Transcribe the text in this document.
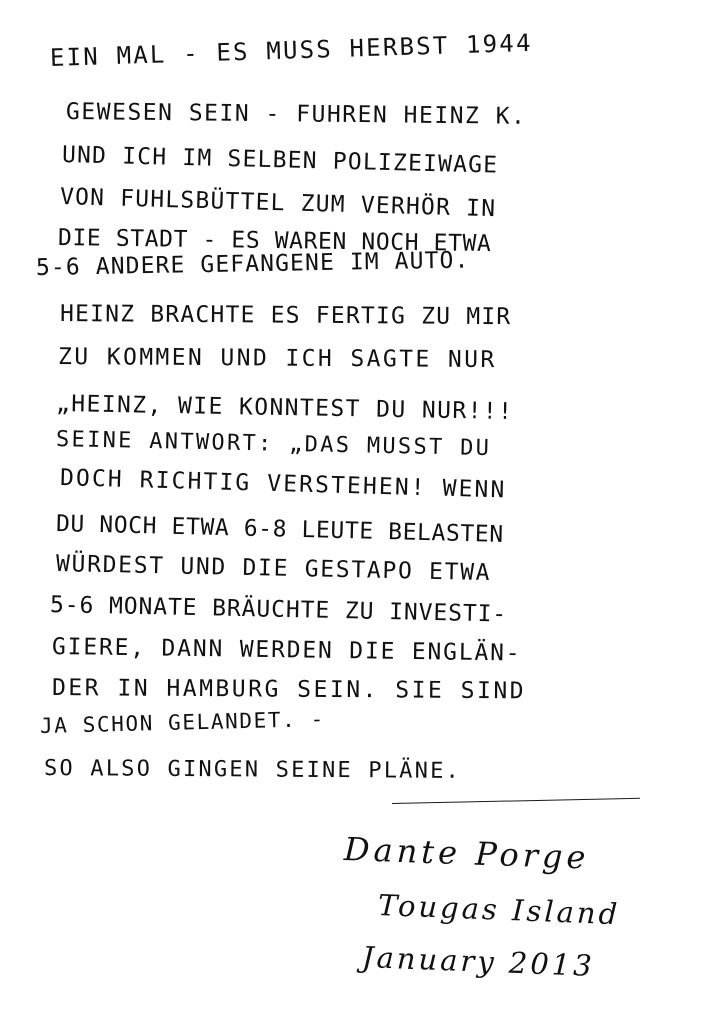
EIN MAL - ES MUSS HERBST 1944
GEWESEN SEIN - FUHREN HEINZ K.
UND ICH IM SELBEN POLIZEIWAGE
VON FUHLSBÜTTEL ZUM VERHÖR IN
DIE STADT - ES WAREN NOCH ETWA
5-6 ANDERE GEFANGENE IM AUTO.
HEINZ BRACHTE ES FERTIG ZU MIR
ZU KOMMEN UND ICH SAGTE NUR
„HEINZ, WIE KONNTEST DU NUR!!!
SEINE ANTWORT: „DAS MUSST DU
DOCH RICHTIG VERSTEHEN! WENN
DU NOCH ETWA 6-8 LEUTE BELASTEN
WÜRDEST UND DIE GESTAPO ETWA
5-6 MONATE BRÄUCHTE ZU INVESTI-
GIERE, DANN WERDEN DIE ENGLÄN-
DER IN HAMBURG SEIN. SIE SIND
JA SCHON GELANDET. -
SO ALSO GINGEN SEINE PLÄNE.
Dante Porge
Tougas Island
January 2013
